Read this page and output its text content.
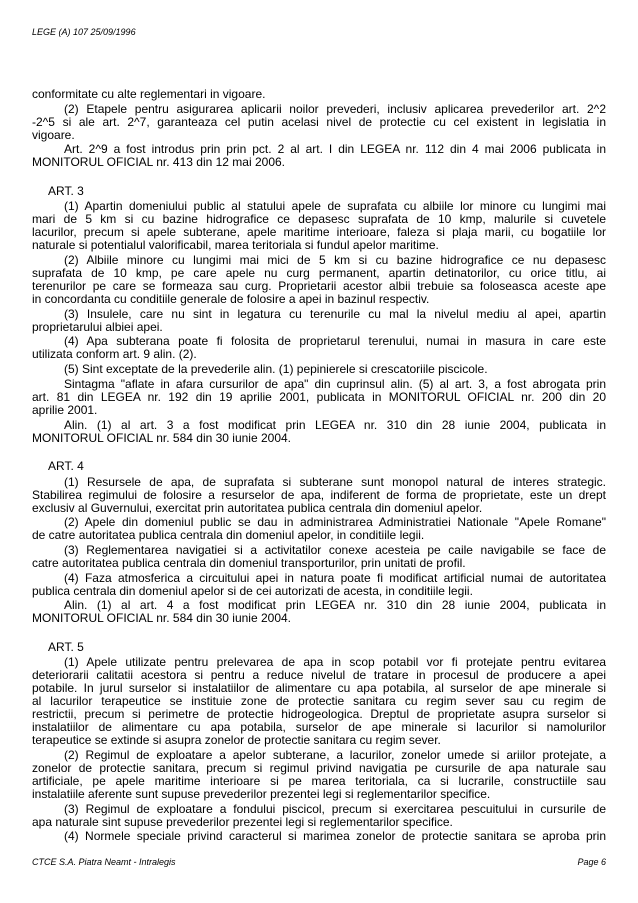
LEGE (A) 107 25/09/1996
conformitate cu alte reglementari in vigoare.
(2) Etapele pentru asigurarea aplicarii noilor prevederi, inclusiv aplicarea prevederilor art. 2^2
-2^5 si ale art. 2^7, garanteaza cel putin acelasi nivel de protectie cu cel existent in legislatia in
vigoare.
Art. 2^9 a fost introdus prin prin pct. 2 al art. I din LEGEA nr. 112 din 4 mai 2006 publicata in
MONITORUL OFICIAL nr. 413 din 12 mai 2006.
ART. 3
(1) Apartin domeniului public al statului apele de suprafata cu albiile lor minore cu lungimi mai
mari de 5 km si cu bazine hidrografice ce depasesc suprafata de 10 kmp, malurile si cuvetele
lacurilor, precum si apele subterane, apele maritime interioare, faleza si plaja marii, cu bogatiile lor
naturale si potentialul valorificabil, marea teritoriala si fundul apelor maritime.
(2) Albiile minore cu lungimi mai mici de 5 km si cu bazine hidrografice ce nu depasesc
suprafata de 10 kmp, pe care apele nu curg permanent, apartin detinatorilor, cu orice titlu, ai
terenurilor pe care se formeaza sau curg. Proprietarii acestor albii trebuie sa foloseasca aceste ape
in concordanta cu conditiile generale de folosire a apei in bazinul respectiv.
(3) Insulele, care nu sint in legatura cu terenurile cu mal la nivelul mediu al apei, apartin
proprietarului albiei apei.
(4) Apa subterana poate fi folosita de proprietarul terenului, numai in masura in care este
utilizata conform art. 9 alin. (2).
(5) Sint exceptate de la prevederile alin. (1) pepinierele si crescatoriile piscicole.
Sintagma "aflate in afara cursurilor de apa" din cuprinsul alin. (5) al art. 3, a fost abrogata prin
art. 81 din LEGEA nr. 192 din 19 aprilie 2001, publicata in MONITORUL OFICIAL nr. 200 din 20
aprilie 2001.
Alin. (1) al art. 3 a fost modificat prin LEGEA nr. 310 din 28 iunie 2004, publicata in
MONITORUL OFICIAL nr. 584 din 30 iunie 2004.
ART. 4
(1) Resursele de apa, de suprafata si subterane sunt monopol natural de interes strategic.
Stabilirea regimului de folosire a resurselor de apa, indiferent de forma de proprietate, este un drept
exclusiv al Guvernului, exercitat prin autoritatea publica centrala din domeniul apelor.
(2) Apele din domeniul public se dau in administrarea Administratiei Nationale "Apele Romane"
de catre autoritatea publica centrala din domeniul apelor, in conditiile legii.
(3) Reglementarea navigatiei si a activitatilor conexe acesteia pe caile navigabile se face de
catre autoritatea publica centrala din domeniul transporturilor, prin unitati de profil.
(4) Faza atmosferica a circuitului apei in natura poate fi modificat artificial numai de autoritatea
publica centrala din domeniul apelor si de cei autorizati de acesta, in conditiile legii.
Alin. (1) al art. 4 a fost modificat prin LEGEA nr. 310 din 28 iunie 2004, publicata in
MONITORUL OFICIAL nr. 584 din 30 iunie 2004.
ART. 5
(1) Apele utilizate pentru prelevarea de apa in scop potabil vor fi protejate pentru evitarea
deteriorarii calitatii acestora si pentru a reduce nivelul de tratare in procesul de producere a apei
potabile. In jurul surselor si instalatiilor de alimentare cu apa potabila, al surselor de ape minerale si
al lacurilor terapeutice se instituie zone de protectie sanitara cu regim sever sau cu regim de
restrictii, precum si perimetre de protectie hidrogeologica. Dreptul de proprietate asupra surselor si
instalatiilor de alimentare cu apa potabila, surselor de ape minerale si lacurilor si namolurilor
terapeutice se extinde si asupra zonelor de protectie sanitara cu regim sever.
(2) Regimul de exploatare a apelor subterane, a lacurilor, zonelor umede si ariilor protejate, a
zonelor de protectie sanitara, precum si regimul privind navigatia pe cursurile de apa naturale sau
artificiale, pe apele maritime interioare si pe marea teritoriala, ca si lucrarile, constructiile sau
instalatiile aferente sunt supuse prevederilor prezentei legi si reglementarilor specifice.
(3) Regimul de exploatare a fondului piscicol, precum si exercitarea pescuitului in cursurile de
apa naturale sint supuse prevederilor prezentei legi si reglementarilor specifice.
(4) Normele speciale privind caracterul si marimea zonelor de protectie sanitara se aproba prin
CTCE S.A. Piatra Neamt - Intralegis	Page 6
